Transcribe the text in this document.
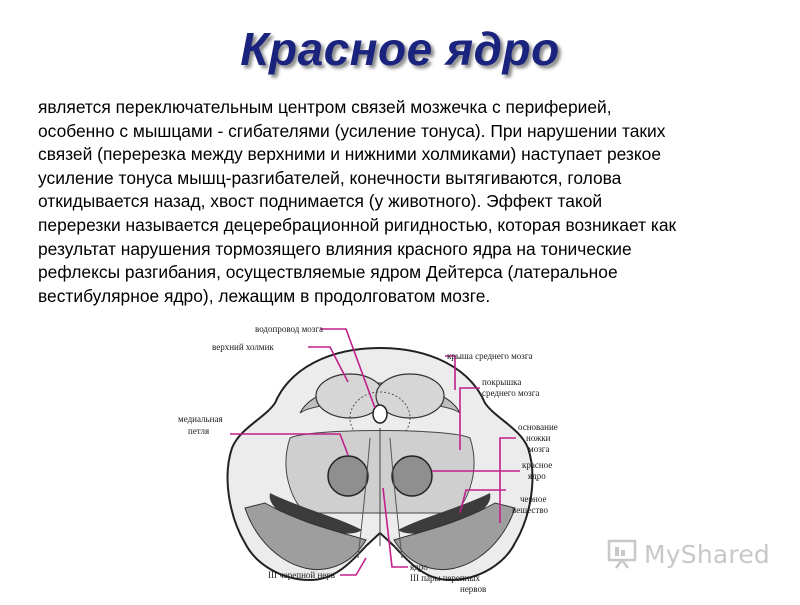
Красное ядро
является переключательным центром связей мозжечка с периферией,
особенно с мышцами - сгибателями (усиление тонуса). При нарушении таких
связей (перерезка между верхними и нижними холмиками) наступает резкое
усиление тонуса мышц-разгибателей, конечности вытягиваются, голова
откидывается назад, хвост поднимается (у животного). Эффект такой
перерезки называется децеребрационной ригидностью, которая возникает как
результат нарушения тормозящего влияния красного ядра на тонические
рефлексы разгибания, осуществляемые ядром Дейтерса (латеральное
вестибулярное ядро), лежащим в продолговатом мозге.
водопровод мозга
верхний холмик
крыша среднего мозга
покрышка
среднего мозга
медиальная
петля	основание
ножки
мозга
красное
ядро
черное
вещество
III черепной нерв
ядро
III пары черепных
нервов
MyShared
